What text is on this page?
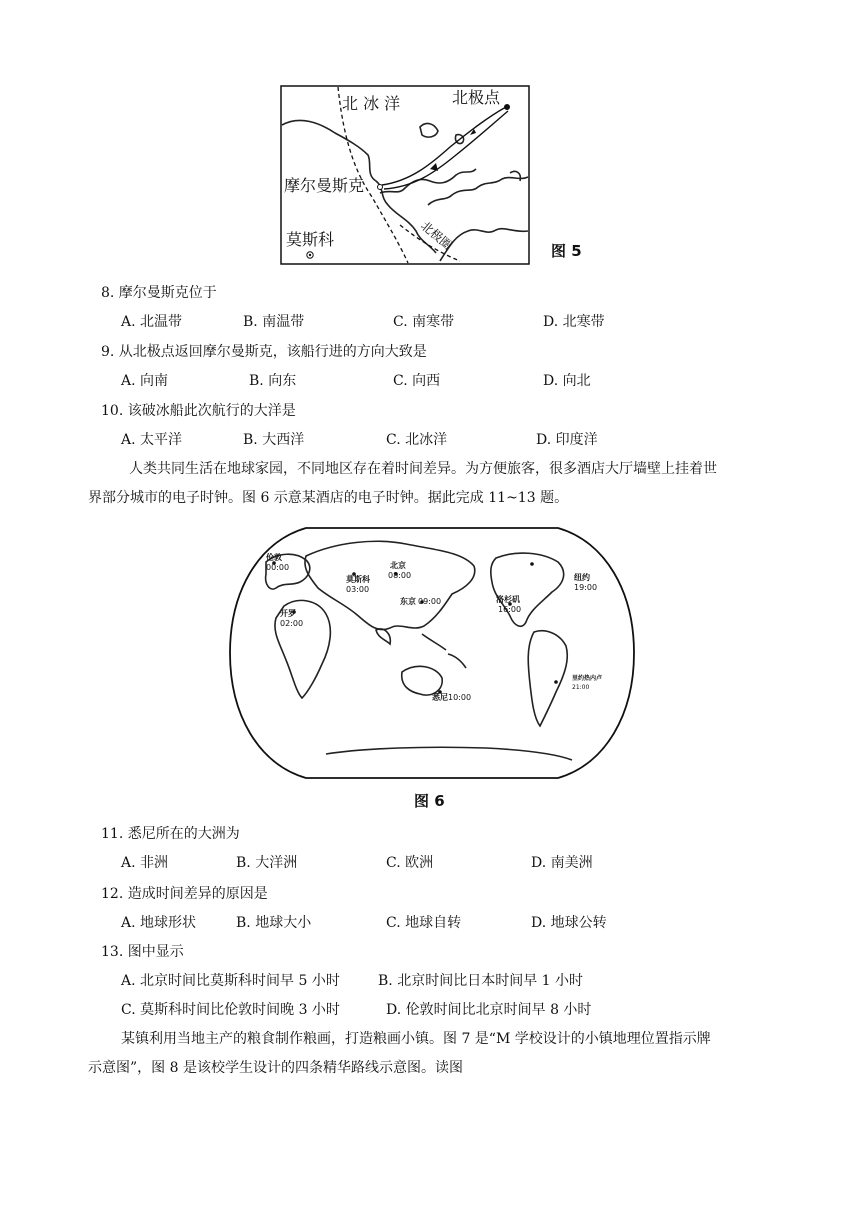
北 冰 洋	北极点
摩尔曼斯克
莫斯科	北极圈	图 5
8. 摩尔曼斯克位于
A. 北温带	B. 南温带	C. 南寒带	D. 北寒带
9. 从北极点返回摩尔曼斯克，该船行进的方向大致是
A. 向南	B. 向东	C. 向西	D. 向北
10. 该破冰船此次航行的大洋是
A. 太平洋	B. 大西洋	C. 北冰洋	D. 印度洋
人类共同生活在地球家园，不同地区存在着时间差异。为方便旅客，很多酒店大厅墙壁上挂着世
界部分城市的电子时钟。图 6 示意某酒店的电子时钟。据此完成 11~13 题。
伦敦
00:00
莫斯科
03:00
北京
08:00
东京 09:00
开罗
02:00
洛杉矶
16:00
纽约
19:00
里约热内卢
21:00
悉尼 10:00
图 6
11. 悉尼所在的大洲为
A. 非洲	B. 大洋洲	C. 欧洲	D. 南美洲
12. 造成时间差异的原因是
A. 地球形状	B. 地球大小	C. 地球自转	D. 地球公转
13. 图中显示
A. 北京时间比莫斯科时间早 5 小时	B. 北京时间比日本时间早 1 小时
C. 莫斯科时间比伦敦时间晚 3 小时	D. 伦敦时间比北京时间早 8 小时
某镇利用当地主产的粮食制作粮画，打造粮画小镇。图 7 是“M 学校设计的小镇地理位置指示牌
示意图”，图 8 是该校学生设计的四条精华路线示意图。读图
